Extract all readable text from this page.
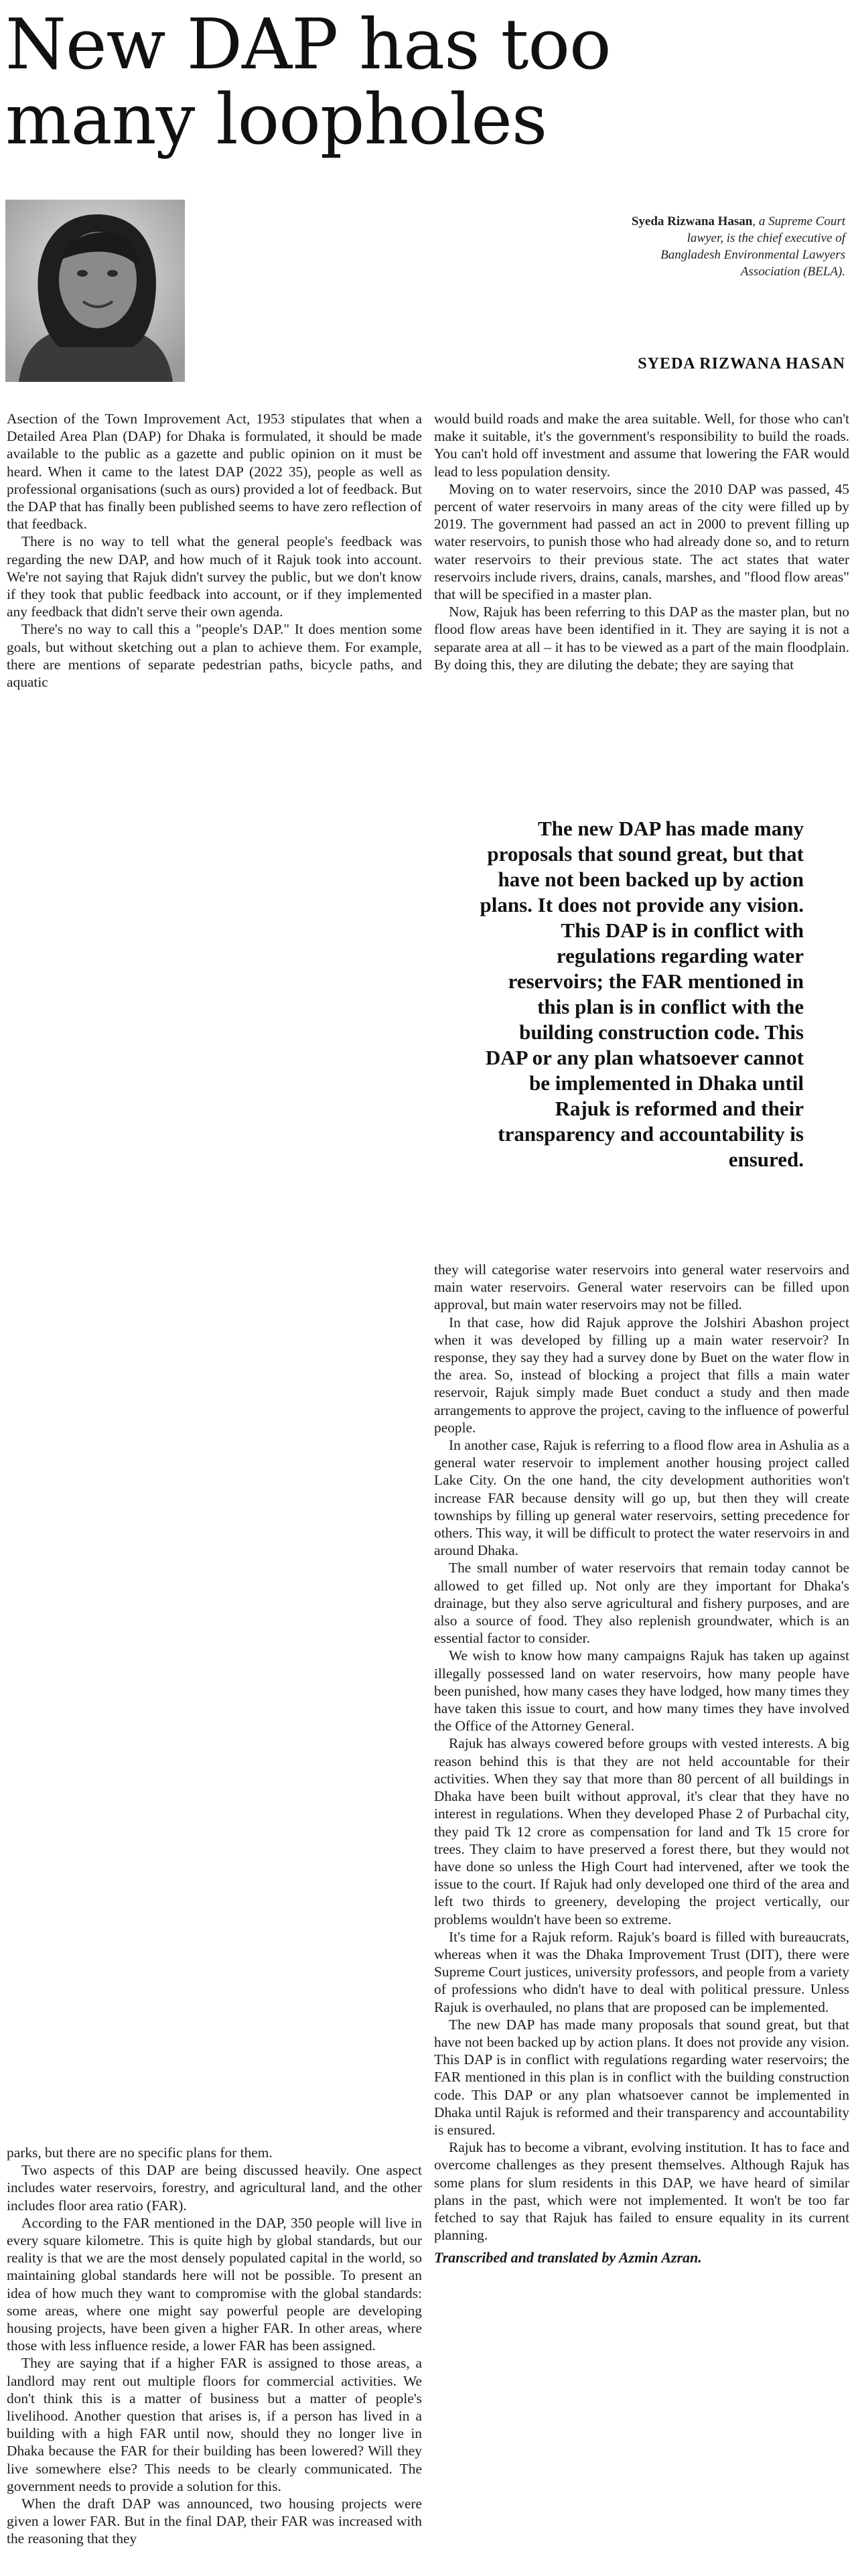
New DAP has too many loopholes
Syeda Rizwana Hasan, a Supreme Court lawyer, is the chief executive of Bangladesh Environmental Lawyers Association (BELA).

SYEDA RIZWANA HASAN

Asection of the Town Improvement Act, 1953 stipulates that when a Detailed Area Plan (DAP) for Dhaka is formulated, it should be made available to the public as a gazette and public opinion on it must be heard. When it came to the latest DAP (2022 35), people as well as professional organisations (such as ours) provided a lot of feedback. But the DAP that has finally been published seems to have zero reflection of that feedback.

There is no way to tell what the general people's feedback was regarding the new DAP, and how much of it Rajuk took into account. We're not saying that Rajuk didn't survey the public, but we don't know if they took that public feedback into account, or if they implemented any feedback that didn't serve their own agenda.

There's no way to call this a "people's DAP." It does mention some goals, but without sketching out a plan to achieve them. For example, there are mentions of separate pedestrian paths, bicycle paths, and aquatic

would build roads and make the area suitable. Well, for those who can't make it suitable, it's the government's responsibility to build the roads. You can't hold off investment and assume that lowering the FAR would lead to less population density.

Moving on to water reservoirs, since the 2010 DAP was passed, 45 percent of water reservoirs in many areas of the city were filled up by 2019. The government had passed an act in 2000 to prevent filling up water reservoirs, to punish those who had already done so, and to return water reservoirs to their previous state. The act states that water reservoirs include rivers, drains, canals, marshes, and "flood flow areas" that will be specified in a master plan.

Now, Rajuk has been referring to this DAP as the master plan, but no flood flow areas have been identified in it. They are saying it is not a separate area at all – it has to be viewed as a part of the main floodplain. By doing this, they are diluting the debate; they are saying that

The new DAP has made many proposals that sound great, but that have not been backed up by action plans. It does not provide any vision. This DAP is in conflict with regulations regarding water reservoirs; the FAR mentioned in this plan is in conflict with the building construction code. This DAP or any plan whatsoever cannot be implemented in Dhaka until Rajuk is reformed and their transparency and accountability is ensured.

they will categorise water reservoirs into general water reservoirs and main water reservoirs. General water reservoirs can be filled upon approval, but main water reservoirs may not be filled.

In that case, how did Rajuk approve the Jolshiri Abashon project when it was developed by filling up a main water reservoir? In response, they say they had a survey done by Buet on the water flow in the area. So, instead of blocking a project that fills a main water reservoir, Rajuk simply made Buet conduct a study and then made arrangements to approve the project, caving to the influence of powerful people.

In another case, Rajuk is referring to a flood flow area in Ashulia as a general water reservoir to implement another housing project called Lake City. On the one hand, the city development authorities won't increase FAR because density will go up, but then they will create townships by filling up general water reservoirs, setting precedence for others. This way, it will be difficult to protect the water reservoirs in and around Dhaka.

The small number of water reservoirs that remain today cannot be allowed to get filled up. Not only are they important for Dhaka's drainage, but they also serve agricultural and fishery purposes, and are also a source of food. They also replenish groundwater, which is an essential factor to consider.

We wish to know how many campaigns Rajuk has taken up against illegally possessed land on water reservoirs, how many people have been punished, how many cases they have lodged, how many times they have taken this issue to court, and how many times they have involved the Office of the Attorney General.

Rajuk has always cowered before groups with vested interests. A big reason behind this is that they are not held accountable for their activities. When they say that more than 80 percent of all buildings in Dhaka have been built without approval, it's clear that they have no interest in regulations. When they developed Phase 2 of Purbachal city, they paid Tk 12 crore as compensation for land and Tk 15 crore for trees. They claim to have preserved a forest there, but they would not have done so unless the High Court had intervened, after we took the issue to the court. If Rajuk had only developed one third of the area and left two thirds to greenery, developing the project vertically, our problems wouldn't have been so extreme.

It's time for a Rajuk reform. Rajuk's board is filled with bureaucrats, whereas when it was the Dhaka Improvement Trust (DIT), there were Supreme Court justices, university professors, and people from a variety of professions who didn't have to deal with political pressure. Unless Rajuk is overhauled, no plans that are proposed can be implemented.

The new DAP has made many proposals that sound great, but that have not been backed up by action plans. It does not provide any vision. This DAP is in conflict with regulations regarding water reservoirs; the FAR mentioned in this plan is in conflict with the building construction code. This DAP or any plan whatsoever cannot be implemented in Dhaka until Rajuk is reformed and their transparency and accountability is ensured.

Rajuk has to become a vibrant, evolving institution. It has to face and overcome challenges as they present themselves. Although Rajuk has some plans for slum residents in this DAP, we have heard of similar plans in the past, which were not implemented. It won't be too far fetched to say that Rajuk has failed to ensure equality in its current planning.

Transcribed and translated by Azmin Azran.

parks, but there are no specific plans for them.

Two aspects of this DAP are being discussed heavily. One aspect includes water reservoirs, forestry, and agricultural land, and the other includes floor area ratio (FAR).

According to the FAR mentioned in the DAP, 350 people will live in every square kilometre. This is quite high by global standards, but our reality is that we are the most densely populated capital in the world, so maintaining global standards here will not be possible. To present an idea of how much they want to compromise with the global standards: some areas, where one might say powerful people are developing housing projects, have been given a higher FAR. In other areas, where those with less influence reside, a lower FAR has been assigned.

They are saying that if a higher FAR is assigned to those areas, a landlord may rent out multiple floors for commercial activities. We don't think this is a matter of business but a matter of people's livelihood. Another question that arises is, if a person has lived in a building with a high FAR until now, should they no longer live in Dhaka because the FAR for their building has been lowered? Will they live somewhere else? This needs to be clearly communicated. The government needs to provide a solution for this.

When the draft DAP was announced, two housing projects were given a lower FAR. But in the final DAP, their FAR was increased with the reasoning that they
